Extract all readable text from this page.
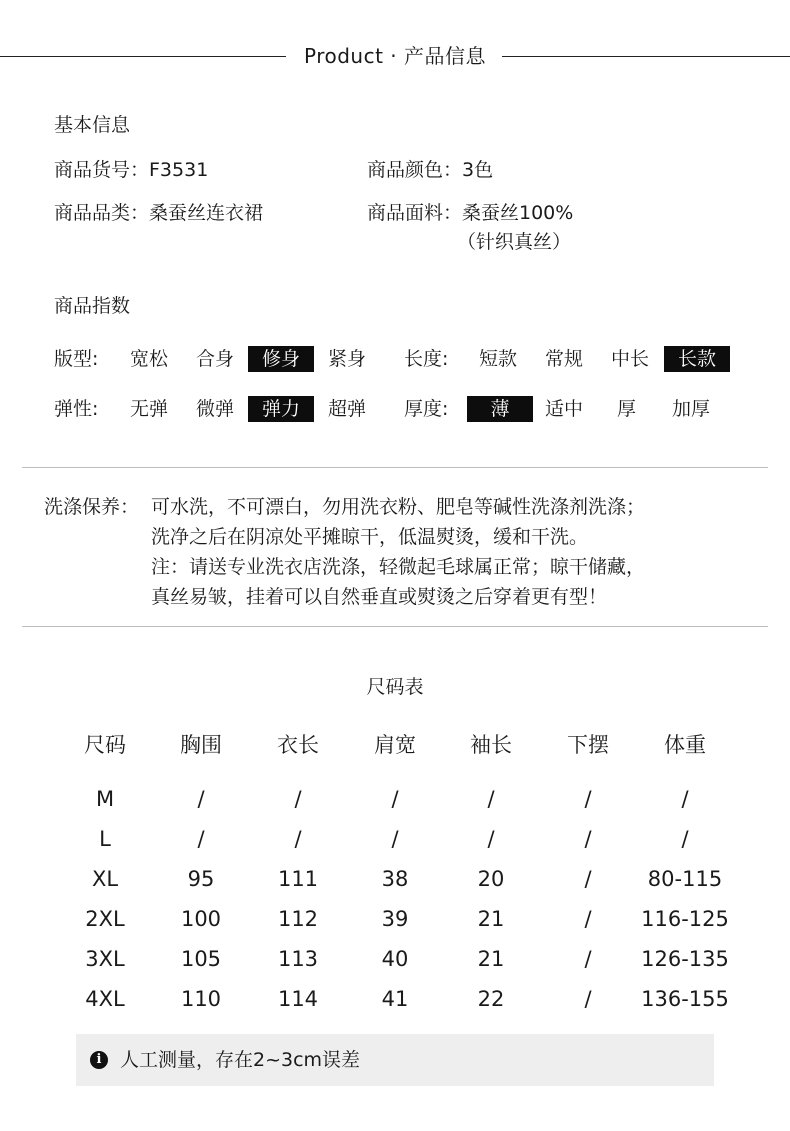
Product · 产品信息
基本信息
商品货号：F3531	商品颜色：3色
商品品类：桑蚕丝连衣裙	商品面料：桑蚕丝100%
（针织真丝）
商品指数
版型: 宽松 合身	修身	紧身 长度: 短款 常规 中长	长款
弹性: 无弹 微弹	弹力	超弹 厚度:	薄	适中 厚 加厚
洗涤保养： 可水洗，不可漂白，勿用洗衣粉、肥皂等碱性洗涤剂洗涤；
洗净之后在阴凉处平摊晾干，低温熨烫，缓和干洗。
注：请送专业洗衣店洗涤，轻微起毛球属正常；晾干储藏，
真丝易皱，挂着可以自然垂直或熨烫之后穿着更有型！
尺码表
尺码	胸围	衣长	肩宽	袖长	下摆	体重
M	/	/	/	/	/	/
L	/	/	/	/	/	/
XL	95	111	38	20	/	80-115
2XL	100	112	39	21	/	116-125
3XL	105	113	40	21	/	126-135
4XL	110	114	41	22	/	136-155
i 人工测量，存在2~3cm误差
